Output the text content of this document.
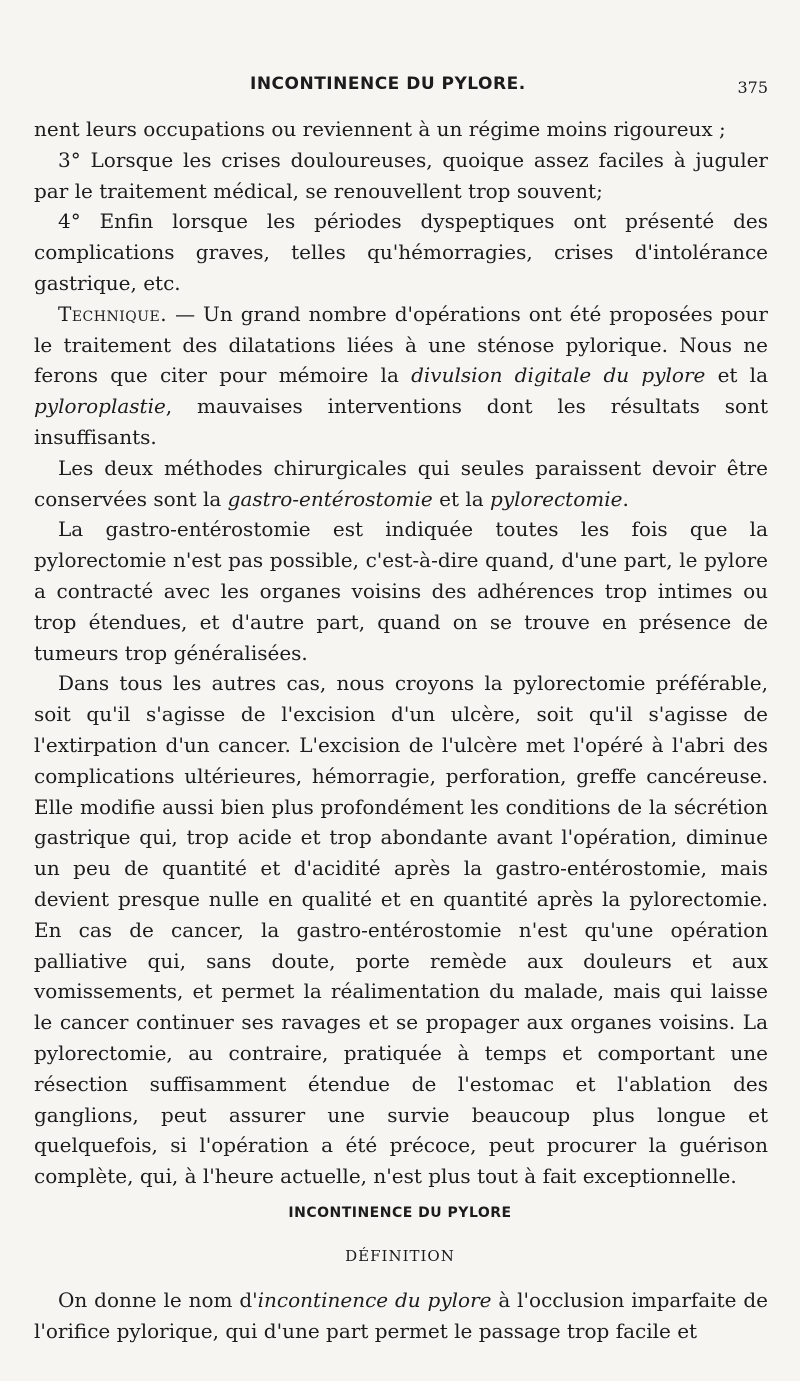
INCONTINENCE DU PYLORE.	375

nent leurs occupations ou reviennent à un régime moins rigoureux ;

3° Lorsque les crises douloureuses, quoique assez faciles à juguler par le traitement médical, se renouvellent trop souvent;

4° Enfin lorsque les périodes dyspeptiques ont présenté des complications graves, telles qu'hémorragies, crises d'intolérance gastrique, etc.

Technique. — Un grand nombre d'opérations ont été proposées pour le traitement des dilatations liées à une sténose pylorique. Nous ne ferons que citer pour mémoire la divulsion digitale du pylore et la pyloroplastie, mauvaises interventions dont les résultats sont insuffisants.

Les deux méthodes chirurgicales qui seules paraissent devoir être conservées sont la gastro-entérostomie et la pylorectomie.

La gastro-entérostomie est indiquée toutes les fois que la pylorectomie n'est pas possible, c'est-à-dire quand, d'une part, le pylore a contracté avec les organes voisins des adhérences trop intimes ou trop étendues, et d'autre part, quand on se trouve en présence de tumeurs trop généralisées.

Dans tous les autres cas, nous croyons la pylorectomie préférable, soit qu'il s'agisse de l'excision d'un ulcère, soit qu'il s'agisse de l'extirpation d'un cancer. L'excision de l'ulcère met l'opéré à l'abri des complications ultérieures, hémorragie, perforation, greffe cancéreuse. Elle modifie aussi bien plus profondément les conditions de la sécrétion gastrique qui, trop acide et trop abondante avant l'opération, diminue un peu de quantité et d'acidité après la gastro-entérostomie, mais devient presque nulle en qualité et en quantité après la pylorectomie. En cas de cancer, la gastro-entérostomie n'est qu'une opération palliative qui, sans doute, porte remède aux douleurs et aux vomissements, et permet la réalimentation du malade, mais qui laisse le cancer continuer ses ravages et se propager aux organes voisins. La pylorectomie, au contraire, pratiquée à temps et comportant une résection suffisamment étendue de l'estomac et l'ablation des ganglions, peut assurer une survie beaucoup plus longue et quelquefois, si l'opération a été précoce, peut procurer la guérison complète, qui, à l'heure actuelle, n'est plus tout à fait exceptionnelle.

INCONTINENCE DU PYLORE
DÉFINITION

On donne le nom d'incontinence du pylore à l'occlusion imparfaite de l'orifice pylorique, qui d'une part permet le passage trop facile et
